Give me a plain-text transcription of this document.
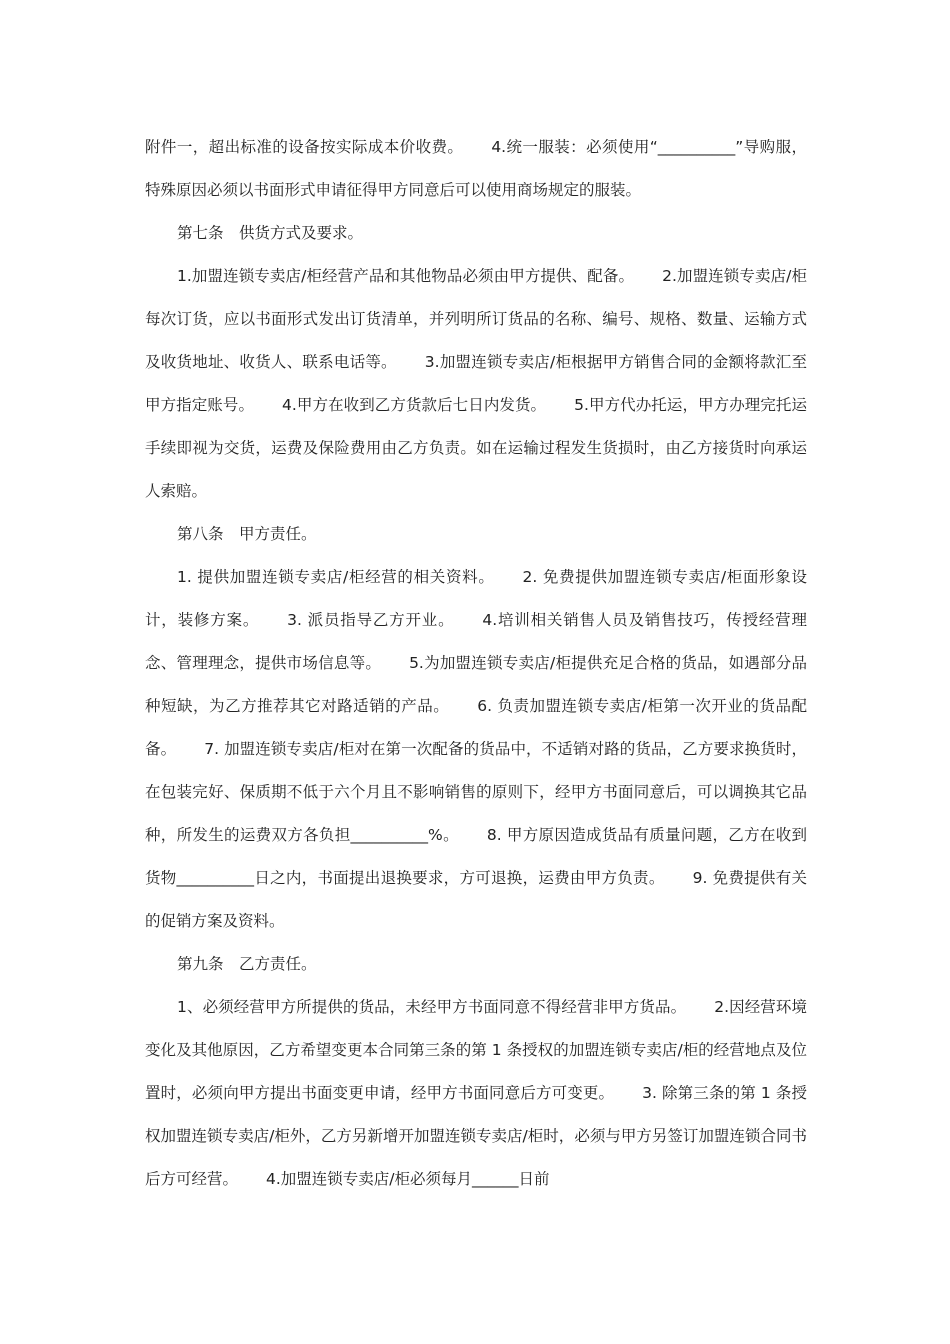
附件一，超出标准的设备按实际成本价收费。 4.统一服装：必须使用“__________”导购服，特殊原因必须以书面形式申请征得甲方同意后可以使用商场规定的服装。

第七条　供货方式及要求。

1.加盟连锁专卖店/柜经营产品和其他物品必须由甲方提供、配备。 2.加盟连锁专卖店/柜每次订货，应以书面形式发出订货清单，并列明所订货品的名称、编号、规格、数量、运输方式及收货地址、收货人、联系电话等。 3.加盟连锁专卖店/柜根据甲方销售合同的金额将款汇至甲方指定账号。 4.甲方在收到乙方货款后七日内发货。 5.甲方代办托运，甲方办理完托运手续即视为交货，运费及保险费用由乙方负责。如在运输过程发生货损时，由乙方接货时向承运人索赔。

第八条　甲方责任。

1. 提供加盟连锁专卖店/柜经营的相关资料。 2. 免费提供加盟连锁专卖店/柜面形象设计，装修方案。 3. 派员指导乙方开业。 4.培训相关销售人员及销售技巧，传授经营理念、管理理念，提供市场信息等。 5.为加盟连锁专卖店/柜提供充足合格的货品，如遇部分品种短缺，为乙方推荐其它对路适销的产品。 6. 负责加盟连锁专卖店/柜第一次开业的货品配备。 7. 加盟连锁专卖店/柜对在第一次配备的货品中，不适销对路的货品，乙方要求换货时，在包装完好、保质期不低于六个月且不影响销售的原则下，经甲方书面同意后，可以调换其它品种，所发生的运费双方各负担__________%。 8. 甲方原因造成货品有质量问题，乙方在收到货物__________日之内，书面提出退换要求，方可退换，运费由甲方负责。 9. 免费提供有关的促销方案及资料。

第九条　乙方责任。

1、必须经营甲方所提供的货品，未经甲方书面同意不得经营非甲方货品。 2.因经营环境变化及其他原因，乙方希望变更本合同第三条的第 1 条授权的加盟连锁专卖店/柜的经营地点及位置时，必须向甲方提出书面变更申请，经甲方书面同意后方可变更。 3. 除第三条的第 1 条授权加盟连锁专卖店/柜外，乙方另新增开加盟连锁专卖店/柜时，必须与甲方另签订加盟连锁合同书后方可经营。 4.加盟连锁专卖店/柜必须每月______日前
